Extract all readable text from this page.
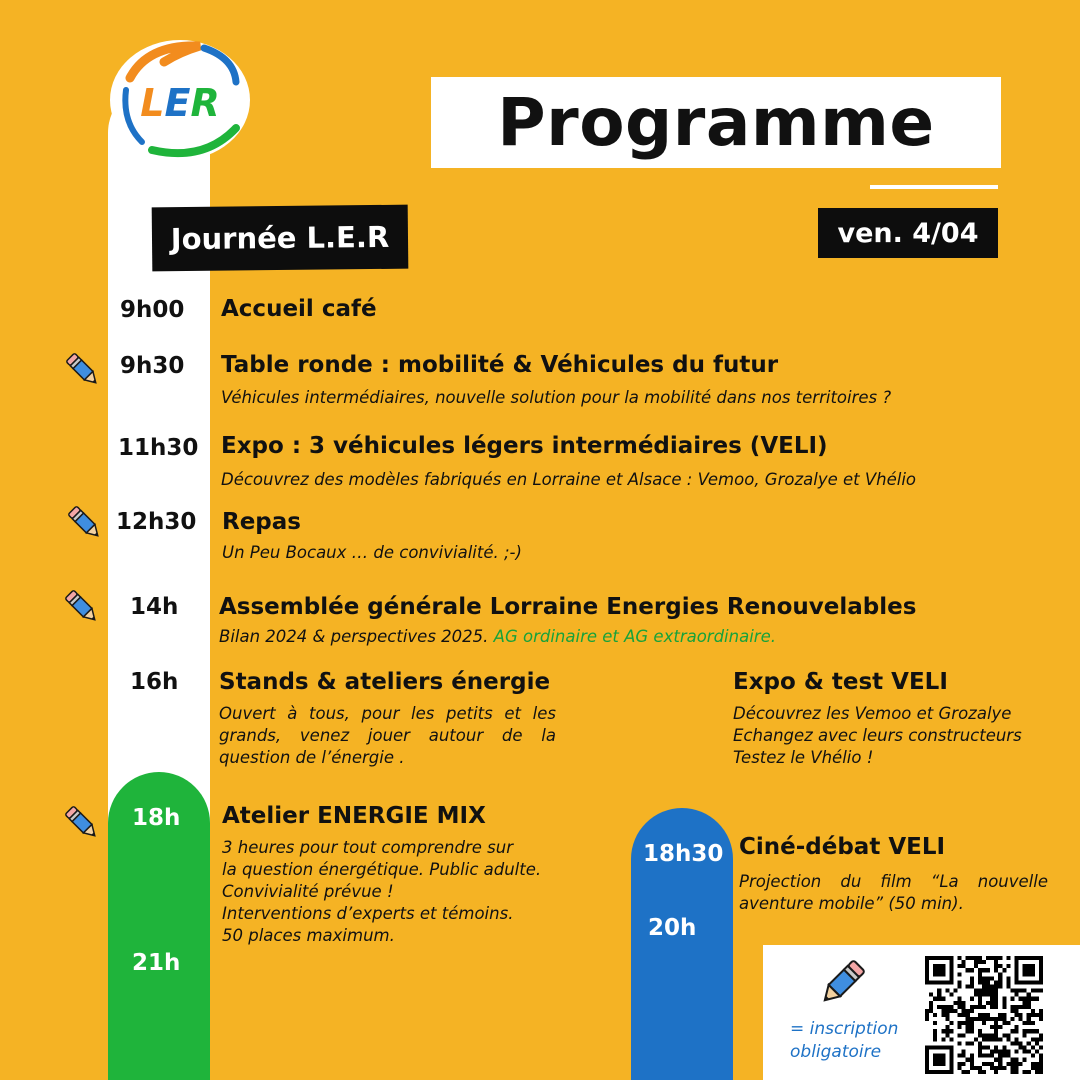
LER	Programme
Journée L.E.R	ven. 4/04
9h00 Accueil café
9h30 Table ronde : mobilité & Véhicules du futur
Véhicules intermédiaires, nouvelle solution pour la mobilité dans nos territoires ?
11h30 Expo : 3 véhicules légers intermédiaires (VELI)
Découvrez des modèles fabriqués en Lorraine et Alsace : Vemoo, Grozalye et Vhélio
12h30 Repas
Un Peu Bocaux … de convivialité. ;-)
14h Assemblée générale Lorraine Energies Renouvelables
Bilan 2024 & perspectives 2025. AG ordinaire et AG extraordinaire.
16h Stands & ateliers énergie
Ouvert à tous, pour les petits et les grands, venez jouer autour de la question de l’énergie .
Expo & test VELI
Découvrez les Vemoo et Grozalye
Echangez avec leurs constructeurs
Testez le Vhélio !
18h
21h
Atelier ENERGIE MIX
3 heures pour tout comprendre sur
la question énergétique. Public adulte.
Convivialité prévue !
Interventions d’experts et témoins.
50 places maximum.
18h30
20h
Ciné-débat VELI
Projection du film “La nouvelle aventure mobile” (50 min).
= inscription
obligatoire
